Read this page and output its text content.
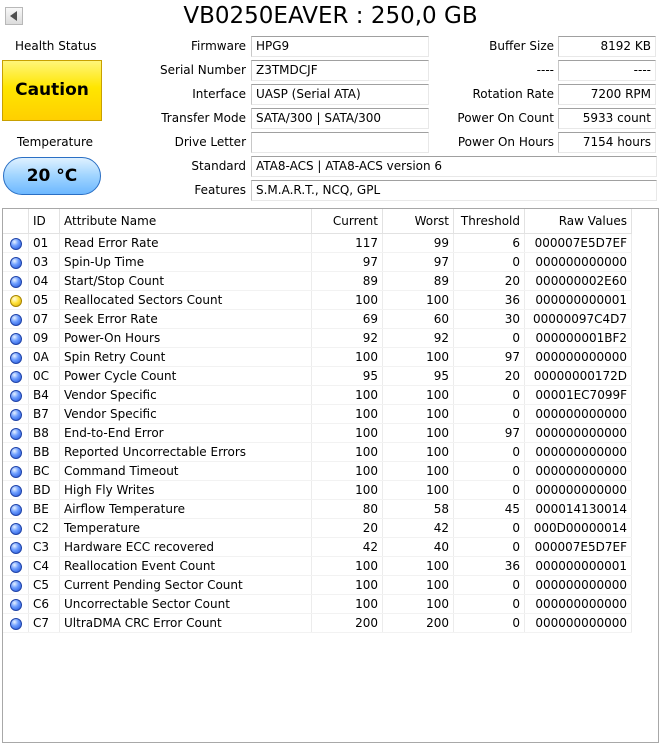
VB0250EAVER : 250,0 GB
Health Status
Caution
Temperature
20 °C
Firmware HPG9
Serial Number Z3TMDCJF
Interface UASP (Serial ATA)
Transfer Mode SATA/300 | SATA/300
Drive Letter
Standard ATA8-ACS | ATA8-ACS version 6
Features S.M.A.R.T., NCQ, GPL
Buffer Size	8192 KB
----	----
Rotation Rate	7200 RPM
Power On Count	5933 count
Power On Hours	7154 hours
	ID	Attribute Name	Current	Worst	Threshold	Raw Values
	01	Read Error Rate	117	99	6	000007E5D7EF
	03	Spin-Up Time	97	97	0	000000000000
	04	Start/Stop Count	89	89	20	000000002E60
	05	Reallocated Sectors Count	100	100	36	000000000001
	07	Seek Error Rate	69	60	30	00000097C4D7
	09	Power-On Hours	92	92	0	000000001BF2
	0A	Spin Retry Count	100	100	97	000000000000
	0C	Power Cycle Count	95	95	20	00000000172D
	B4	Vendor Specific	100	100	0	00001EC7099F
	B7	Vendor Specific	100	100	0	000000000000
	B8	End-to-End Error	100	100	97	000000000000
	BB	Reported Uncorrectable Errors	100	100	0	000000000000
	BC	Command Timeout	100	100	0	000000000000
	BD	High Fly Writes	100	100	0	000000000000
	BE	Airflow Temperature	80	58	45	000014130014
	C2	Temperature	20	42	0	000D00000014
	C3	Hardware ECC recovered	42	40	0	000007E5D7EF
	C4	Reallocation Event Count	100	100	36	000000000001
	C5	Current Pending Sector Count	100	100	0	000000000000
	C6	Uncorrectable Sector Count	100	100	0	000000000000
	C7	UltraDMA CRC Error Count	200	200	0	000000000000
